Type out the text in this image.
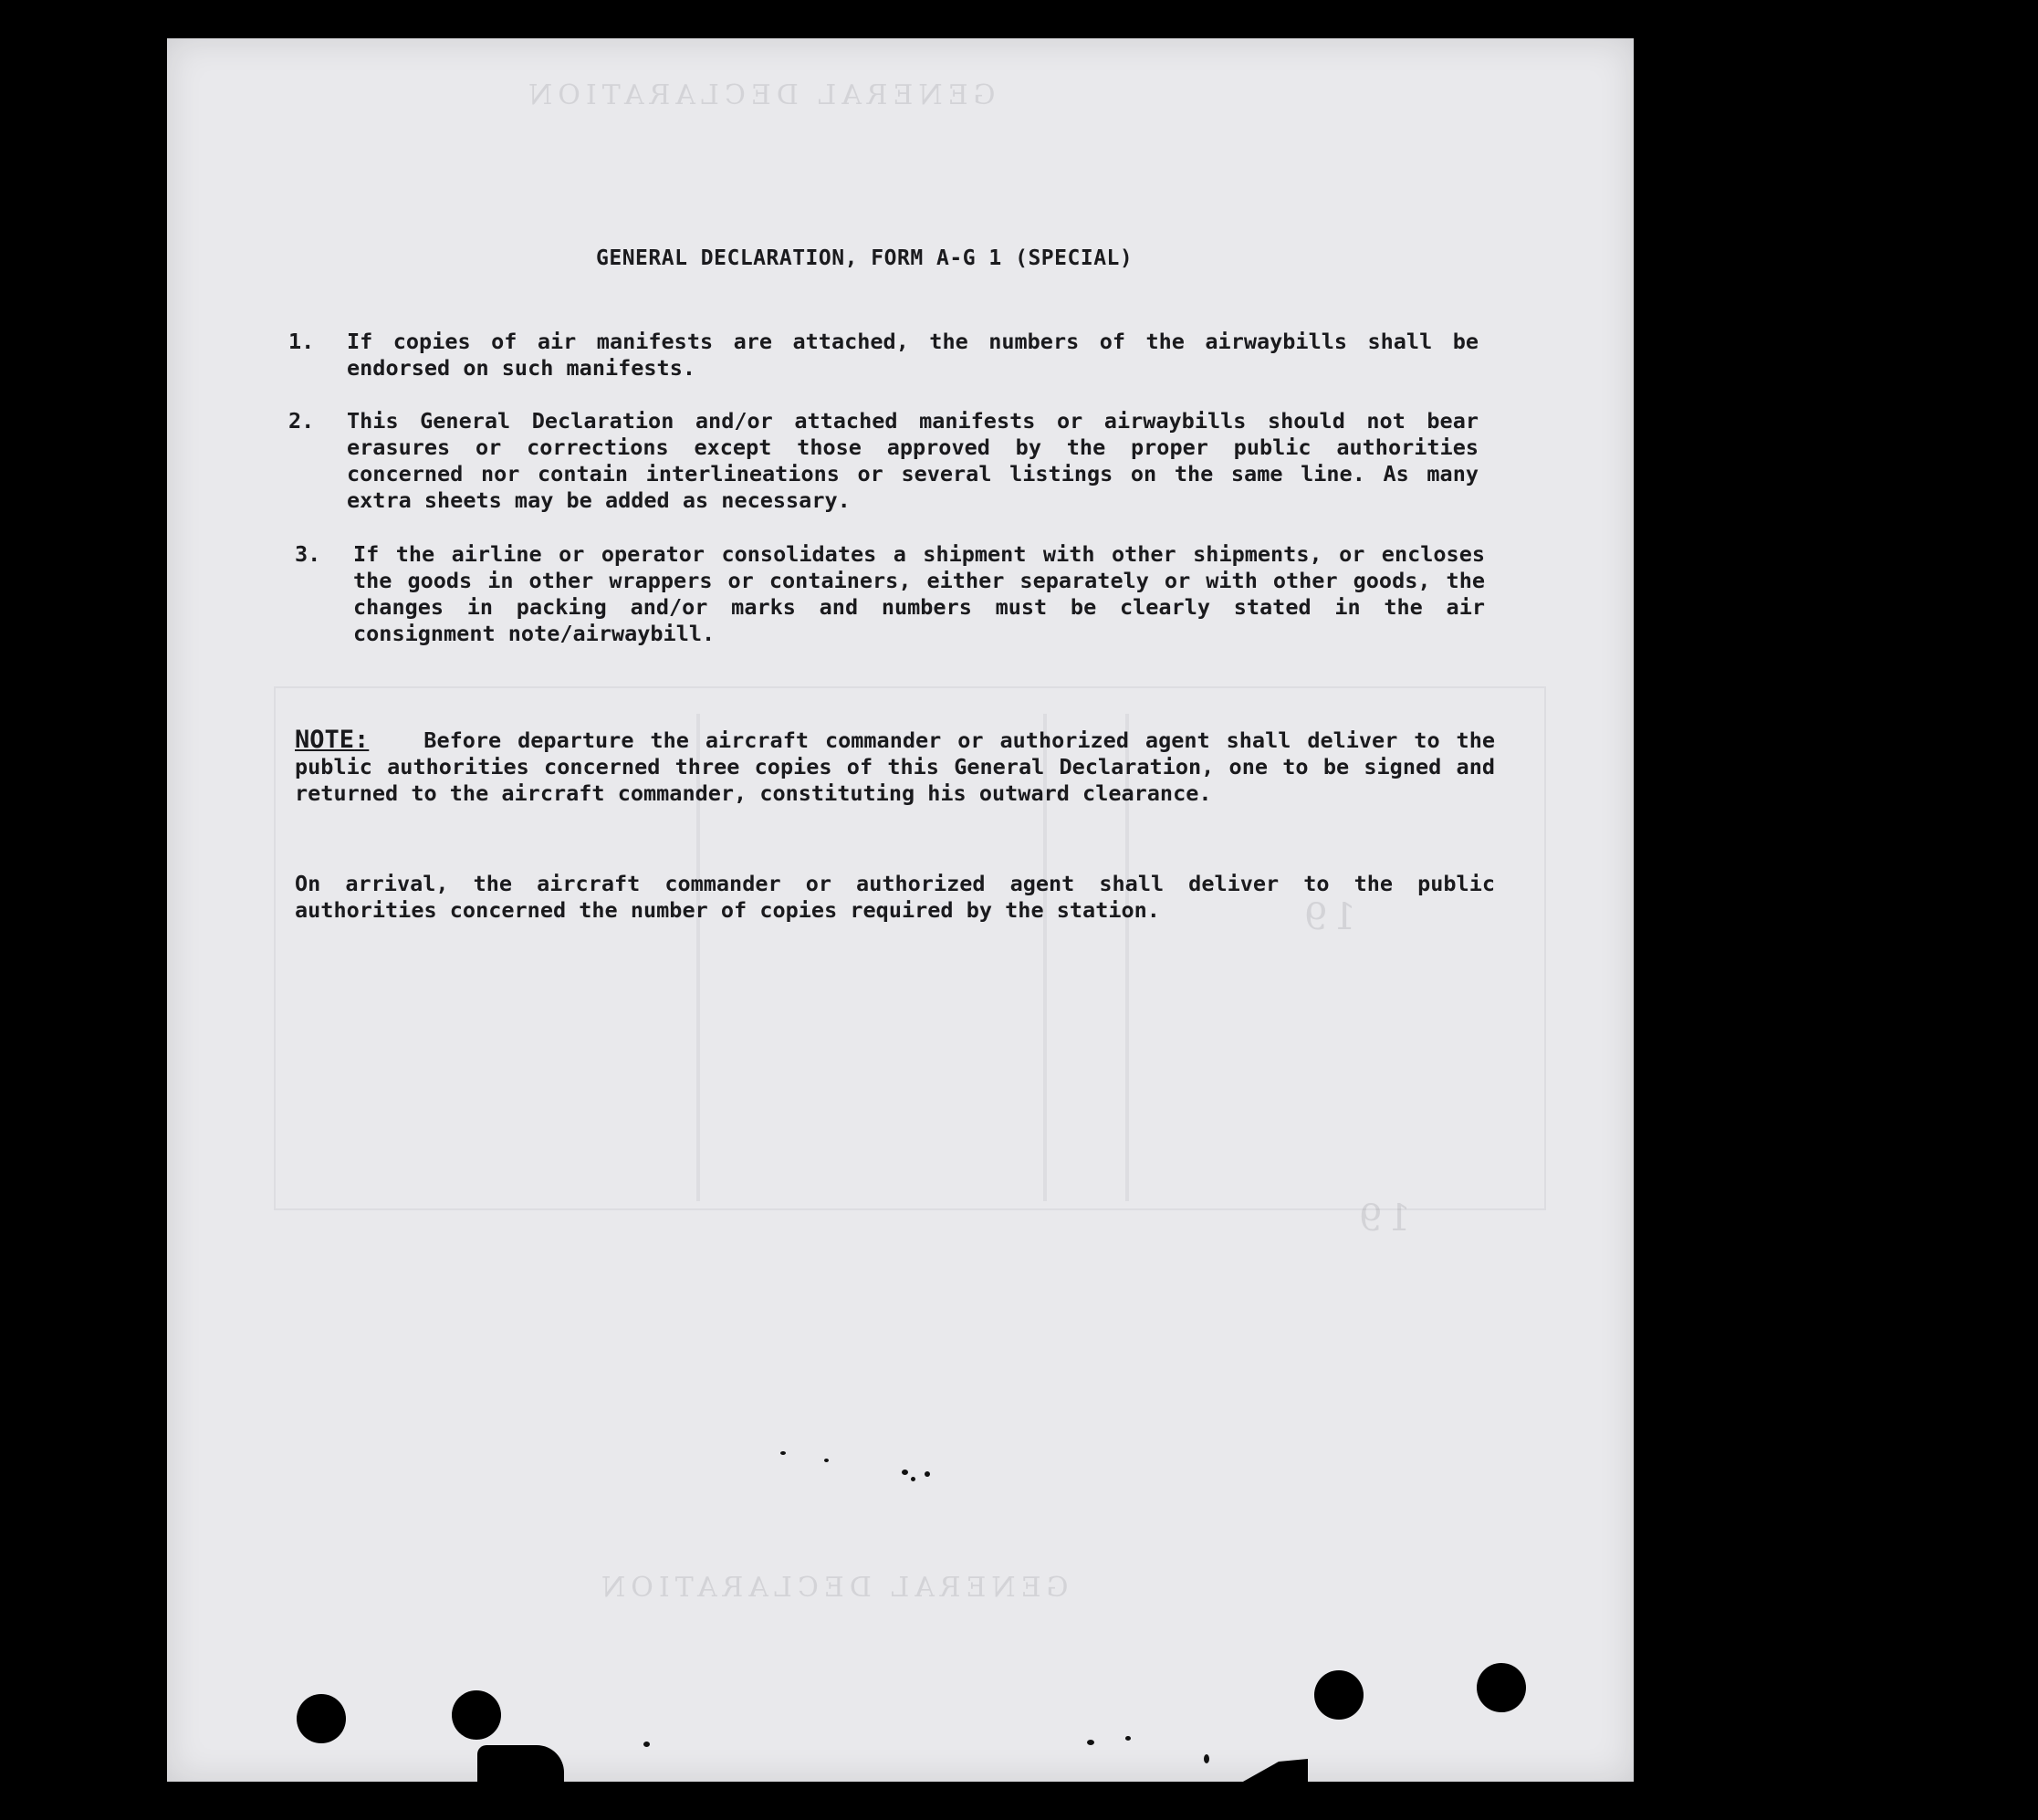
GENERAL DECLARATION
19
19
GENERAL DECLARATION
GENERAL DECLARATION, FORM A-G 1 (SPECIAL)
1. If copies of air manifests are attached, the numbers of the airwaybills shall be endorsed on such manifests.
2. This General Declaration and/or attached manifests or airwaybills should not bear erasures or corrections except those approved by the proper public authorities concerned nor contain interlineations or several listings on the same line. As many extra sheets may be added as necessary.
3. If the airline or operator consolidates a shipment with other shipments, or encloses the goods in other wrappers or containers, either separately or with other goods, the changes in packing and/or marks and numbers must be clearly stated in the air consignment note/airwaybill.
NOTE:	Before departure the aircraft commander or authorized agent shall deliver to the public authorities concerned three copies of this General Declaration, one to be signed and returned to the aircraft commander, constituting his outward clearance.
On arrival, the aircraft commander or authorized agent shall deliver to the public authorities concerned the number of copies required by the station.
